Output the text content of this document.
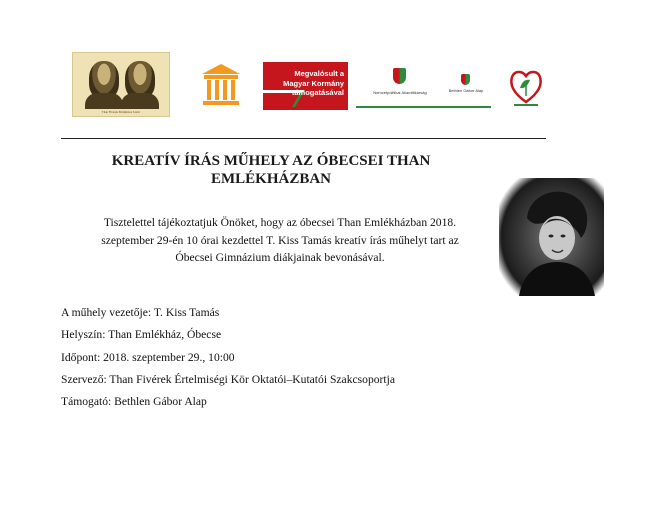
Than Fivérek Emlékháza Szabó
Megvalósult a Magyar Kormány támogatásával	Nemzetpolitikai Államtitkárság	Bethlen Gábor Alap
KREATÍV ÍRÁS MŰHELY AZ ÓBECSEI THAN EMLÉKHÁZBAN

Tisztelettel tájékoztatjuk Önöket, hogy az óbecsei Than Emlékházban 2018. szeptember 29-én 10 órai kezdettel T. Kiss Tamás kreatív írás műhelyt tart az Óbecsei Gimnázium diákjainak bevonásával.

A műhely vezetője: T. Kiss Tamás
Helyszín: Than Emlékház, Óbecse
Időpont: 2018. szeptember 29., 10:00
Szervező: Than Fivérek Értelmiségi Kör Oktatói–Kutatói Szakcsoportja
Támogató: Bethlen Gábor Alap
